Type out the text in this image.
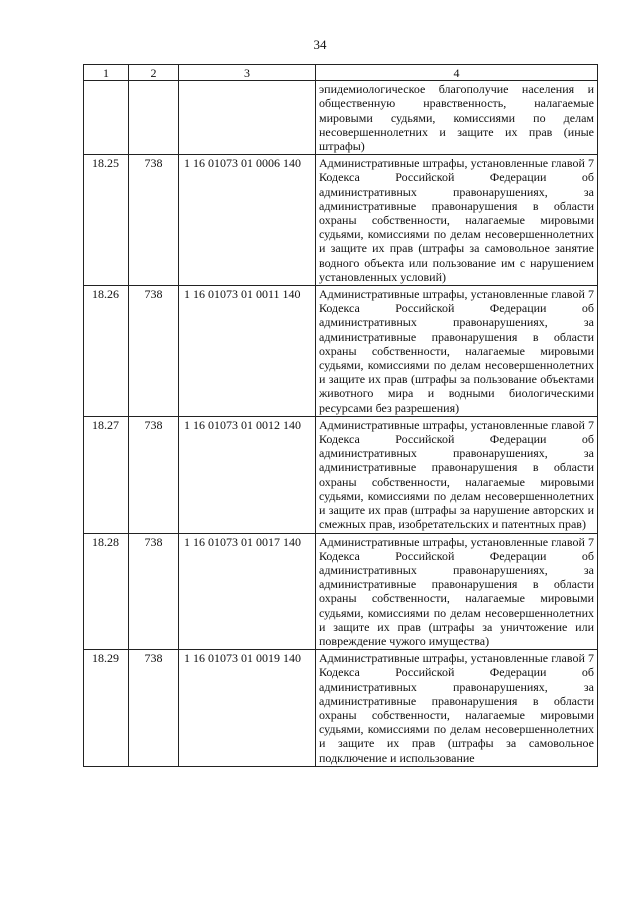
34
1	2	3	4
			эпидемиологическое благополучие населения и общественную нравственность, налагаемые мировыми судьями, комиссиями по делам несовершеннолетних и защите их прав (иные штрафы)
18.25	738	1 16 01073 01 0006 140	Административные штрафы, установленные главой 7 Кодекса Российской Федерации об административных правонарушениях, за административные правонарушения в области охраны собственности, налагаемые мировыми судьями, комиссиями по делам несовершеннолетних и защите их прав (штрафы за самовольное занятие водного объекта или пользование им с нарушением установленных условий)
18.26	738	1 16 01073 01 0011 140	Административные штрафы, установленные главой 7 Кодекса Российской Федерации об административных правонарушениях, за административные правонарушения в области охраны собственности, налагаемые мировыми судьями, комиссиями по делам несовершеннолетних и защите их прав (штрафы за пользование объектами животного мира и водными биологическими ресурсами без разрешения)
18.27	738	1 16 01073 01 0012 140	Административные штрафы, установленные главой 7 Кодекса Российской Федерации об административных правонарушениях, за административные правонарушения в области охраны собственности, налагаемые мировыми судьями, комиссиями по делам несовершеннолетних и защите их прав (штрафы за нарушение авторских и смежных прав, изобретательских и патентных прав)
18.28	738	1 16 01073 01 0017 140	Административные штрафы, установленные главой 7 Кодекса Российской Федерации об административных правонарушениях, за административные правонарушения в области охраны собственности, налагаемые мировыми судьями, комиссиями по делам несовершеннолетних и защите их прав (штрафы за уничтожение или повреждение чужого имущества)
18.29	738	1 16 01073 01 0019 140	Административные штрафы, установленные главой 7 Кодекса Российской Федерации об административных правонарушениях, за административные правонарушения в области охраны собственности, налагаемые мировыми судьями, комиссиями по делам несовершеннолетних и защите их прав (штрафы за самовольное подключение и использование
